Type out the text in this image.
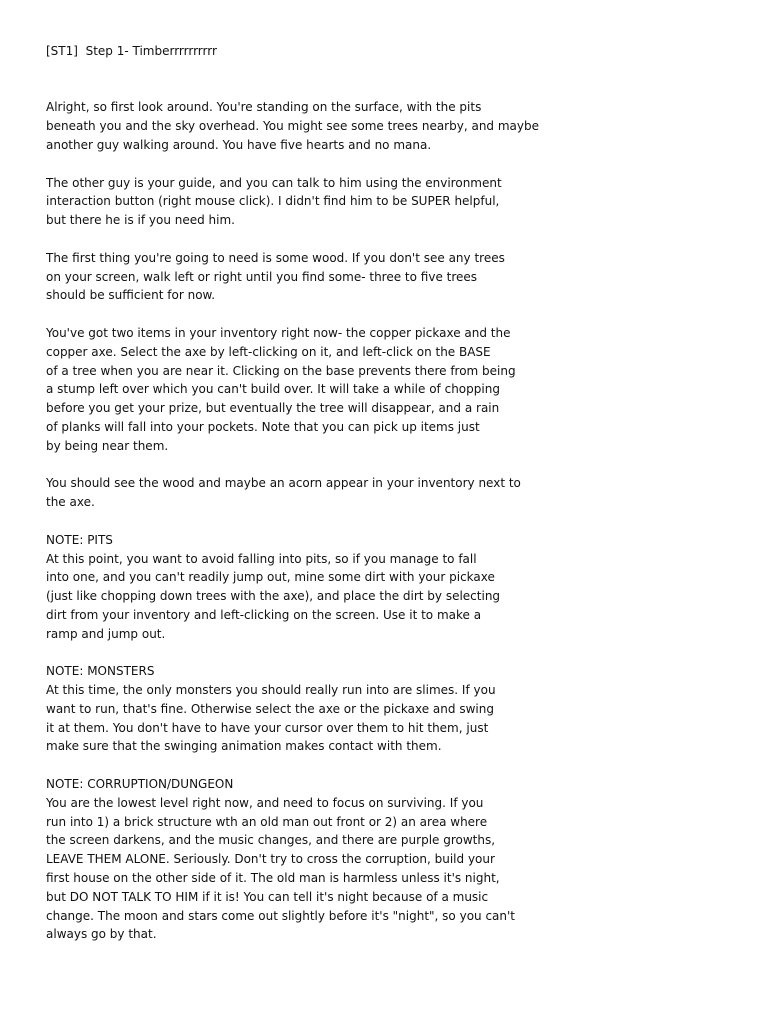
[ST1]  Step 1- Timberrrrrrrrrr
Alright, so first look around. You're standing on the surface, with the pits
beneath you and the sky overhead. You might see some trees nearby, and maybe
another guy walking around. You have five hearts and no mana.
The other guy is your guide, and you can talk to him using the environment
interaction button (right mouse click). I didn't find him to be SUPER helpful,
but there he is if you need him.
The first thing you're going to need is some wood. If you don't see any trees
on your screen, walk left or right until you find some- three to five trees
should be sufficient for now.
You've got two items in your inventory right now- the copper pickaxe and the
copper axe. Select the axe by left-clicking on it, and left-click on the BASE
of a tree when you are near it. Clicking on the base prevents there from being
a stump left over which you can't build over. It will take a while of chopping
before you get your prize, but eventually the tree will disappear, and a rain
of planks will fall into your pockets. Note that you can pick up items just
by being near them.
You should see the wood and maybe an acorn appear in your inventory next to
the axe.
NOTE: PITS
At this point, you want to avoid falling into pits, so if you manage to fall
into one, and you can't readily jump out, mine some dirt with your pickaxe
(just like chopping down trees with the axe), and place the dirt by selecting
dirt from your inventory and left-clicking on the screen. Use it to make a
ramp and jump out.
NOTE: MONSTERS
At this time, the only monsters you should really run into are slimes. If you
want to run, that's fine. Otherwise select the axe or the pickaxe and swing
it at them. You don't have to have your cursor over them to hit them, just
make sure that the swinging animation makes contact with them.
NOTE: CORRUPTION/DUNGEON
You are the lowest level right now, and need to focus on surviving. If you
run into 1) a brick structure wth an old man out front or 2) an area where
the screen darkens, and the music changes, and there are purple growths,
LEAVE THEM ALONE. Seriously. Don't try to cross the corruption, build your
first house on the other side of it. The old man is harmless unless it's night,
but DO NOT TALK TO HIM if it is! You can tell it's night because of a music
change. The moon and stars come out slightly before it's "night", so you can't
always go by that.
